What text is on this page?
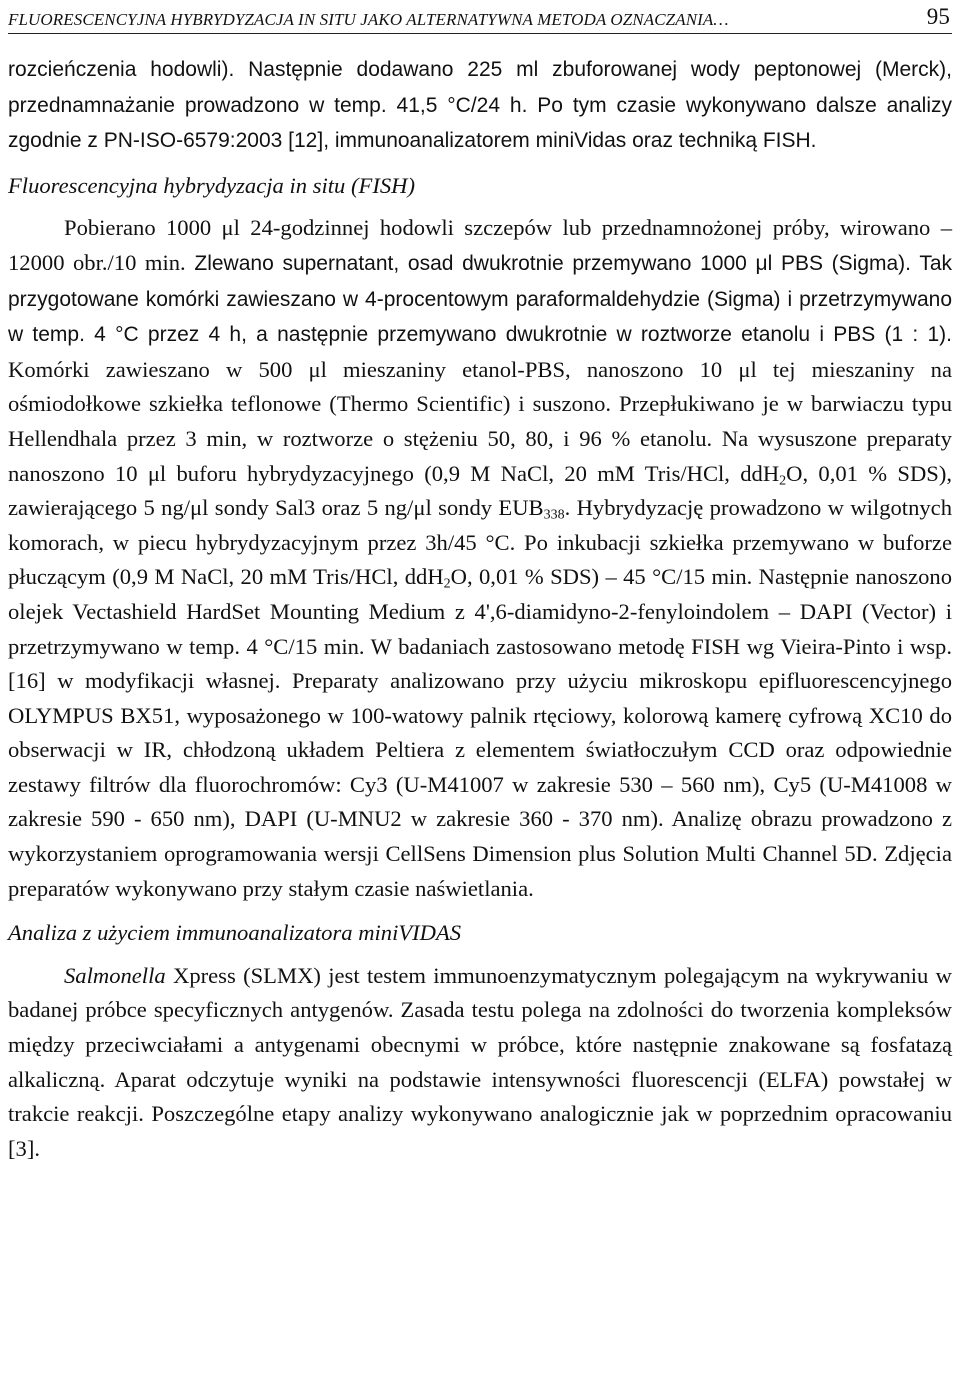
FLUORESCENCYJNA HYBRYDYZACJA IN SITU JAKO ALTERNATYWNA METODA OZNACZANIA…	95

rozcieńczenia hodowli). Następnie dodawano 225 ml zbuforowanej wody peptonowej (Merck), przednamnażanie prowadzono w temp. 41,5 °C/24 h. Po tym czasie wykonywano dalsze analizy zgodnie z PN-ISO-6579:2003 [12], immunoanalizatorem miniVidas oraz techniką FISH.

Fluorescencyjna hybrydyzacja in situ (FISH)

Pobierano 1000 μl 24-godzinnej hodowli szczepów lub przednamnożonej próby, wirowano – 12000 obr./10 min. Zlewano supernatant, osad dwukrotnie przemywano 1000 μl PBS (Sigma). Tak przygotowane komórki zawieszano w 4-procentowym paraformaldehydzie (Sigma) i przetrzymywano w temp. 4 °C przez 4 h, a następnie przemywano dwukrotnie w roztworze etanolu i PBS (1 : 1). Komórki zawieszano w 500 μl mieszaniny etanol-PBS, nanoszono 10 μl tej mieszaniny na ośmiodołkowe szkiełka teflonowe (Thermo Scientific) i suszono. Przepłukiwano je w barwiaczu typu Hellendhala przez 3 min, w roztworze o stężeniu 50, 80, i 96 % etanolu. Na wysuszone preparaty nanoszono 10 μl buforu hybrydyzacyjnego (0,9 M NaCl, 20 mM Tris/HCl, ddH$_2$O, 0,01 % SDS), zawierającego 5 ng/μl sondy Sal3 oraz 5 ng/μl sondy $EUB_{338}$. Hybrydyzację prowadzono w wilgotnych komorach, w piecu hybrydyzacyjnym przez 3h/45 °C. Po inkubacji szkiełka przemywano w buforze płuczącym (0,9 M NaCl, 20 mM Tris/HCl, ddH$_2$O, 0,01 % SDS) – 45 °C/15 min. Następnie nanoszono olejek Vectashield HardSet Mounting Medium z 4',6-diamidyno-2-fenyloindolem – DAPI (Vector) i przetrzymywano w temp. 4 °C/15 min. W badaniach zastosowano metodę FISH wg Vieira-Pinto i wsp. [16] w modyfikacji własnej. Preparaty analizowano przy użyciu mikroskopu epifluorescencyjnego OLYMPUS BX51, wyposażonego w 100-watowy palnik rtęciowy, kolorową kamerę cyfrową XC10 do obserwacji w IR, chłodzoną układem Peltiera z elementem światłoczułym CCD oraz odpowiednie zestawy filtrów dla fluorochromów: Cy3 (U-M41007 w zakresie 530 – 560 nm), Cy5 (U-M41008 w zakresie 590 - 650 nm), DAPI (U-MNU2 w zakresie 360 - 370 nm). Analizę obrazu prowadzono z wykorzystaniem oprogramowania wersji CellSens Dimension plus Solution Multi Channel 5D. Zdjęcia preparatów wykonywano przy stałym czasie naświetlania.

Analiza z użyciem immunoanalizatora miniVIDAS

Salmonella Xpress (SLMX) jest testem immunoenzymatycznym polegającym na wykrywaniu w badanej próbce specyficznych antygenów. Zasada testu polega na zdolności do tworzenia kompleksów między przeciwciałami a antygenami obecnymi w próbce, które następnie znakowane są fosfatazą alkaliczną. Aparat odczytuje wyniki na podstawie intensywności fluorescencji (ELFA) powstałej w trakcie reakcji. Poszczególne etapy analizy wykonywano analogicznie jak w poprzednim opracowaniu [3].
